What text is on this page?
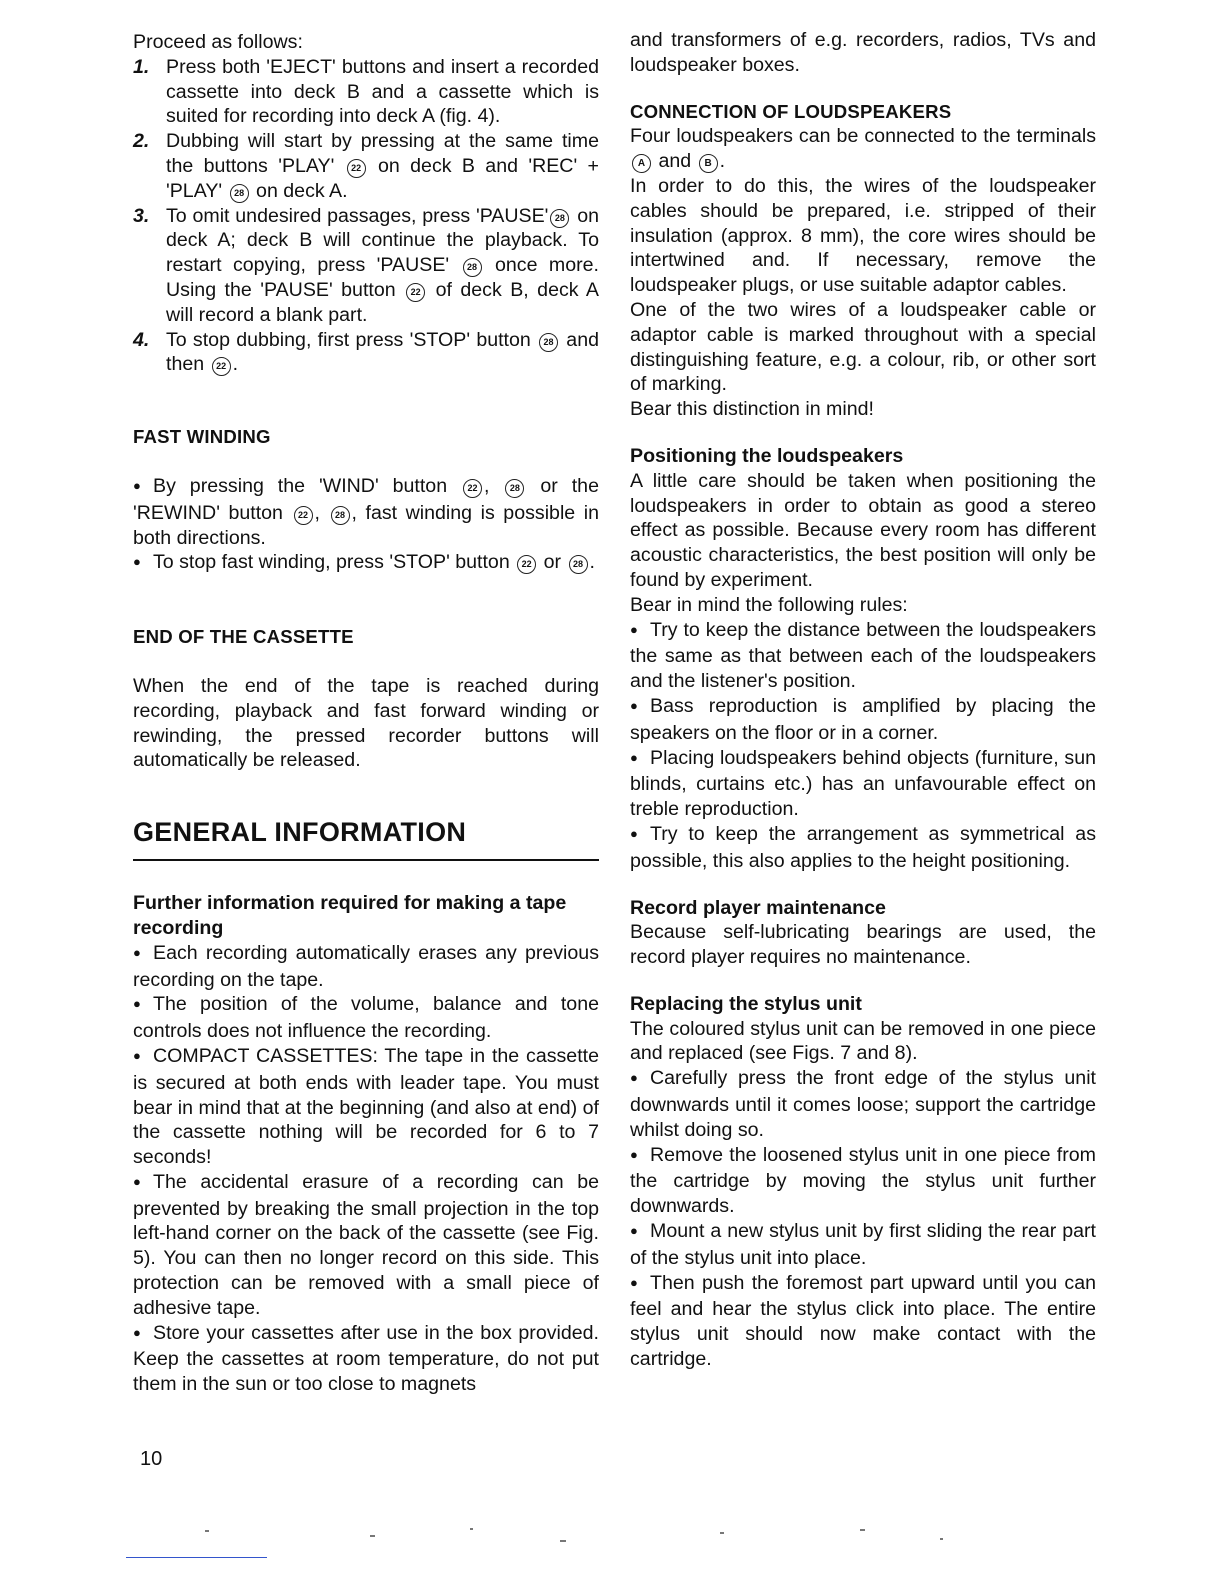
Proceed as follows:

1. Press both 'EJECT' buttons and insert a recorded cassette into deck B and a cassette which is suited for recording into deck A (fig. 4).
2. Dubbing will start by pressing at the same time the buttons 'PLAY' 22 on deck B and 'REC' + 'PLAY' 28 on deck A.
3. To omit undesired passages, press 'PAUSE' 28 on deck A; deck B will continue the playback. To restart copying, press 'PAUSE' 28 once more. Using the 'PAUSE' button 22 of deck B, deck A will record a blank part.
4. To stop dubbing, first press 'STOP' button 28 and then 22 .

FAST WINDING

●By pressing the 'WIND' button 22 , 28 or the 'REWIND' button 22 , 28 , fast winding is possible in both directions.

●To stop fast winding, press 'STOP' button 22 or 28 .

END OF THE CASSETTE

When the end of the tape is reached during recording, playback and fast forward winding or rewinding, the pressed recorder buttons will automatically be released.

GENERAL INFORMATION

Further information required for making a tape recording

●Each recording automatically erases any previous recording on the tape.

●The position of the volume, balance and tone controls does not influence the recording.

●COMPACT CASSETTES: The tape in the cassette is secured at both ends with leader tape. You must bear in mind that at the beginning (and also at end) of the cassette nothing will be recorded for 6 to 7 seconds!

●The accidental erasure of a recording can be prevented by breaking the small projection in the top left-hand corner on the back of the cassette (see Fig. 5). You can then no longer record on this side. This protection can be removed with a small piece of adhesive tape.

●Store your cassettes after use in the box provided. Keep the cassettes at room temperature, do not put them in the sun or too close to magnets

and transformers of e.g. recorders, radios, TVs and loudspeaker boxes.

CONNECTION OF LOUDSPEAKERS

Four loudspeakers can be connected to the terminals A and B .

In order to do this, the wires of the loudspeaker cables should be prepared, i.e. stripped of their insulation (approx. 8 mm), the core wires should be intertwined and. If necessary, remove the loudspeaker plugs, or use suitable adaptor cables.

One of the two wires of a loudspeaker cable or adaptor cable is marked throughout with a special distinguishing feature, e.g. a colour, rib, or other sort of marking.

Bear this distinction in mind!

Positioning the loudspeakers

A little care should be taken when positioning the loudspeakers in order to obtain as good a stereo effect as possible. Because every room has different acoustic characteristics, the best position will only be found by experiment.

Bear in mind the following rules:

●Try to keep the distance between the loudspeakers the same as that between each of the loudspeakers and the listener's position.

●Bass reproduction is amplified by placing the speakers on the floor or in a corner.

●Placing loudspeakers behind objects (furniture, sun blinds, curtains etc.) has an unfavourable effect on treble reproduction.

●Try to keep the arrangement as symmetrical as possible, this also applies to the height positioning.

Record player maintenance

Because self-lubricating bearings are used, the record player requires no maintenance.

Replacing the stylus unit

The coloured stylus unit can be removed in one piece and replaced (see Figs. 7 and 8).

●Carefully press the front edge of the stylus unit downwards until it comes loose; support the cartridge whilst doing so.

●Remove the loosened stylus unit in one piece from the cartridge by moving the stylus unit further downwards.

●Mount a new stylus unit by first sliding the rear part of the stylus unit into place.

●Then push the foremost part upward until you can feel and hear the stylus click into place. The entire stylus unit should now make contact with the cartridge.

10
